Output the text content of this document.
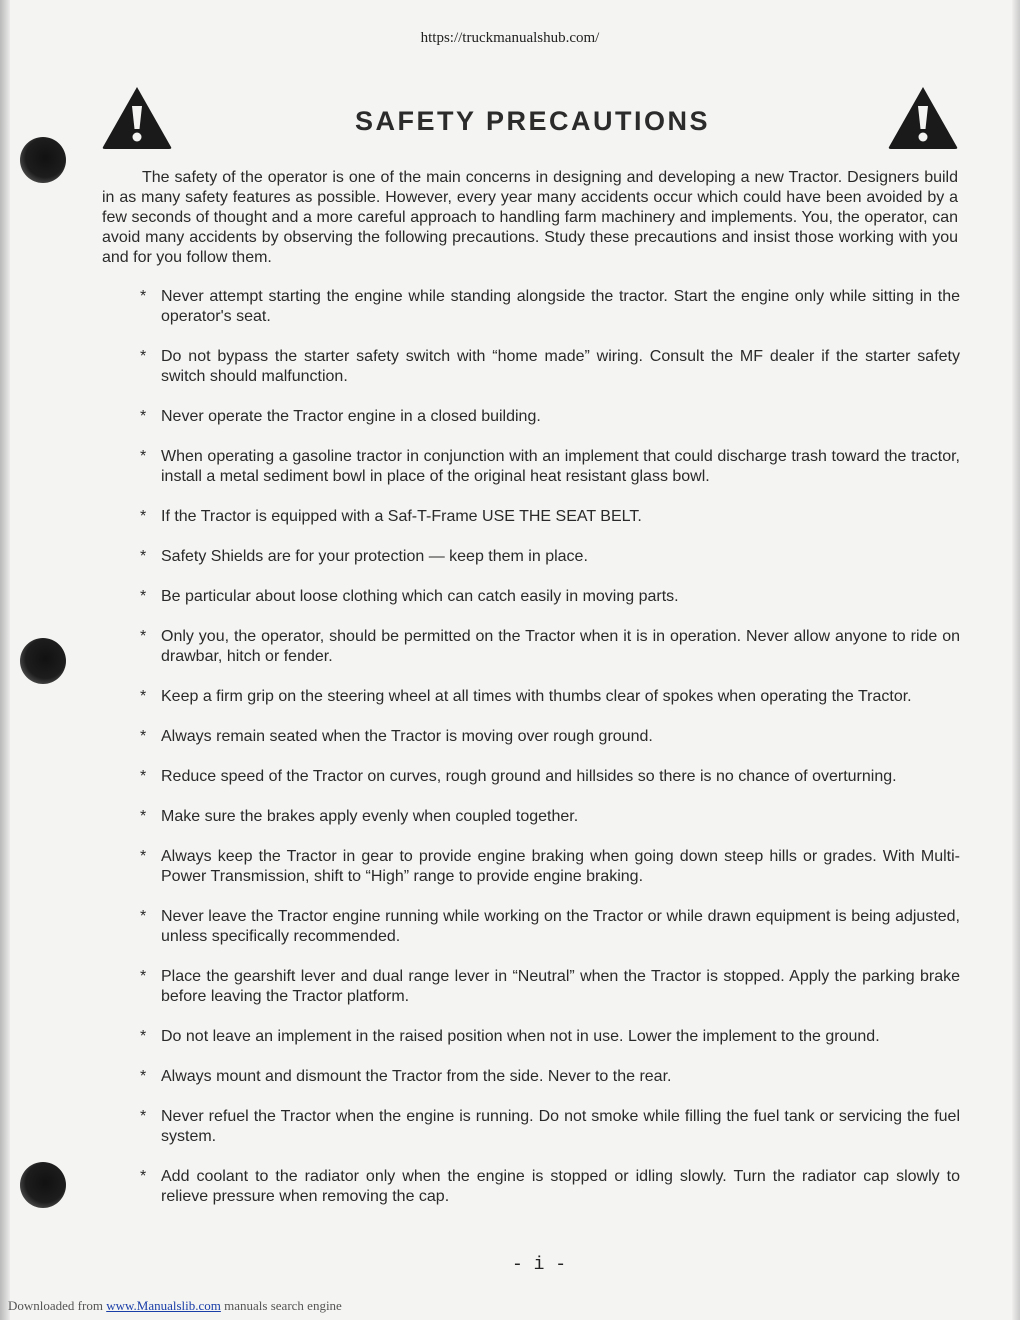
https://truckmanualshub.com/
SAFETY PRECAUTIONS

The safety of the operator is one of the main concerns in designing and developing a new Tractor. Designers build in as many safety features as possible. However, every year many accidents occur which could have been avoided by a few seconds of thought and a more careful approach to handling farm machinery and implements. You, the operator, can avoid many accidents by observing the following precautions. Study these precautions and insist those working with you and for you follow them.

* Never attempt starting the engine while standing alongside the tractor. Start the engine only while sitting in the operator's seat.
* Do not bypass the starter safety switch with “home made” wiring. Consult the MF dealer if the starter safety switch should malfunction.
* Never operate the Tractor engine in a closed building.
* When operating a gasoline tractor in conjunction with an implement that could discharge trash toward the tractor, install a metal sediment bowl in place of the original heat resistant glass bowl.
* If the Tractor is equipped with a Saf-T-Frame USE THE SEAT BELT.
* Safety Shields are for your protection — keep them in place.
* Be particular about loose clothing which can catch easily in moving parts.
* Only you, the operator, should be permitted on the Tractor when it is in operation. Never allow anyone to ride on drawbar, hitch or fender.
* Keep a firm grip on the steering wheel at all times with thumbs clear of spokes when operating the Tractor.
* Always remain seated when the Tractor is moving over rough ground.
* Reduce speed of the Tractor on curves, rough ground and hillsides so there is no chance of overturning.
* Make sure the brakes apply evenly when coupled together.
* Always keep the Tractor in gear to provide engine braking when going down steep hills or grades. With Multi-Power Transmission, shift to “High” range to provide engine braking.
* Never leave the Tractor engine running while working on the Tractor or while drawn equipment is being adjusted, unless specifically recommended.
* Place the gearshift lever and dual range lever in “Neutral” when the Tractor is stopped. Apply the parking brake before leaving the Tractor platform.
* Do not leave an implement in the raised position when not in use. Lower the implement to the ground.
* Always mount and dismount the Tractor from the side. Never to the rear.
* Never refuel the Tractor when the engine is running. Do not smoke while filling the fuel tank or servicing the fuel system.
* Add coolant to the radiator only when the engine is stopped or idling slowly. Turn the radiator cap slowly to relieve pressure when removing the cap.
- i -
Downloaded from www.Manualslib.com manuals search engine
